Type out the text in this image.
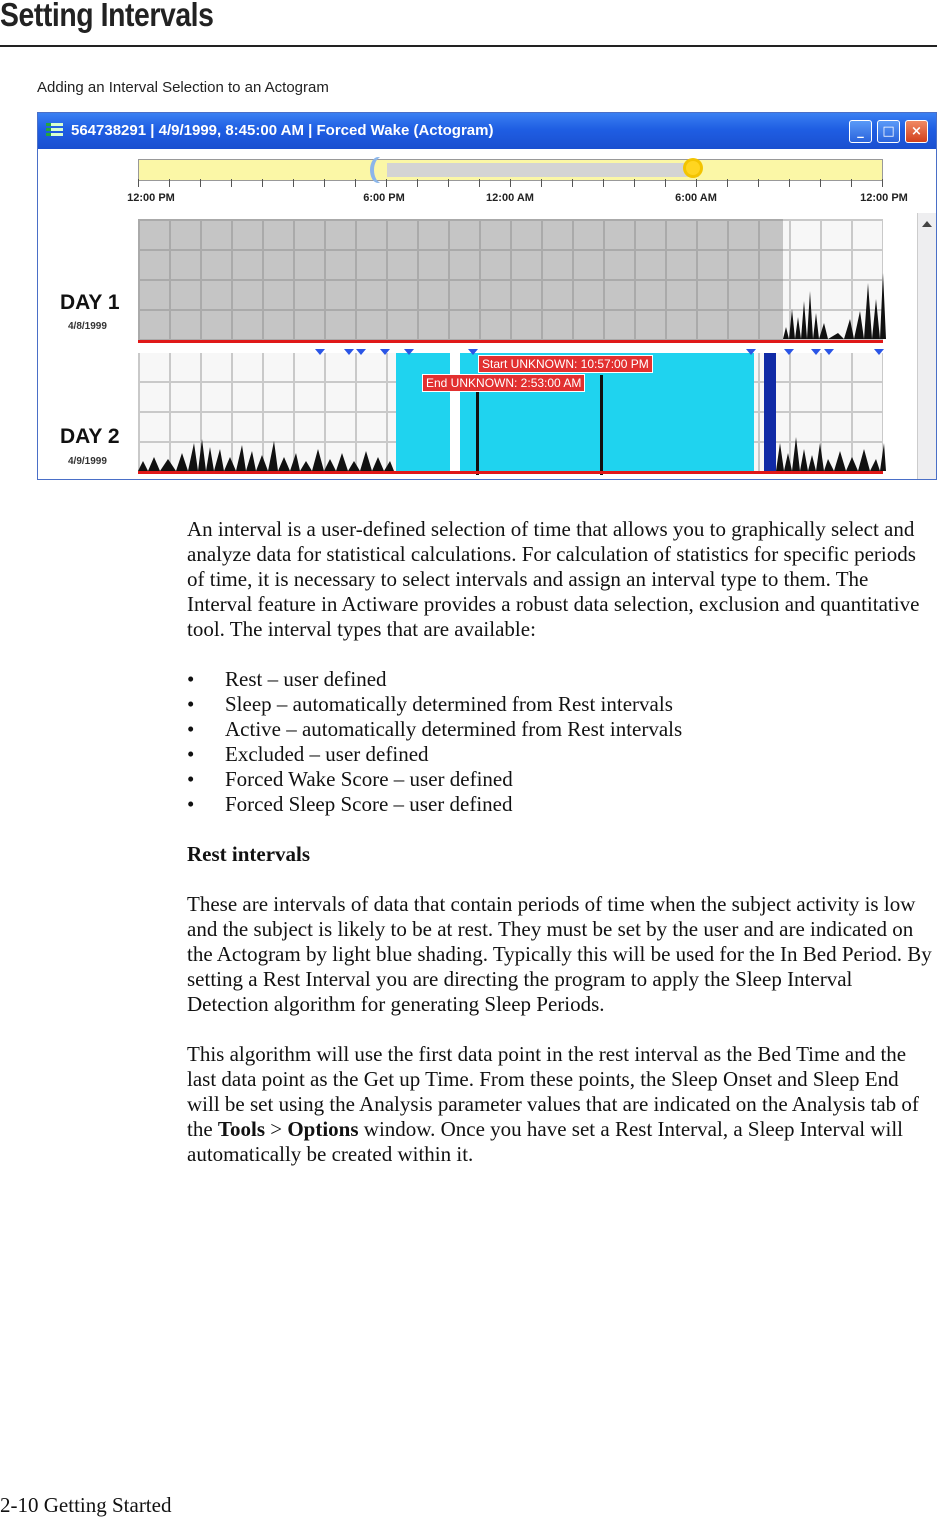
Setting Intervals
Adding an Interval Selection to an Actogram
564738291 | 4/9/1999, 8:45:00 AM | Forced Wake (Actogram)	_	□	×
12:00 PM	6:00 PM	12:00 AM	6:00 AM	12:00 PM
DAY 1
4/8/1999
DAY 2
4/9/1999
Start UNKNOWN: 10:57:00 PM
End UNKNOWN: 2:53:00 AM

An interval is a user-defined selection of time that allows you to graphically select and analyze data for statistical calculations. For calculation of statistics for specific periods of time, it is necessary to select intervals and assign an interval type to them. The Interval feature in Actiware provides a robust data selection, exclusion and quantitative tool. The interval types that are available:

• Rest – user defined
• Sleep – automatically determined from Rest intervals
• Active – automatically determined from Rest intervals
• Excluded – user defined
• Forced Wake Score – user defined
• Forced Sleep Score – user defined
Rest intervals

These are intervals of data that contain periods of time when the subject activity is low and the subject is likely to be at rest. They must be set by the user and are indicated on the Actogram by light blue shading. Typically this will be used for the In Bed Period. By setting a Rest Interval you are directing the program to apply the Sleep Interval Detection algorithm for generating Sleep Periods.

This algorithm will use the first data point in the rest interval as the Bed Time and the last data point as the Get up Time. From these points, the Sleep Onset and Sleep End will be set using the Analysis parameter values that are indicated on the Analysis tab of the Tools > Options window. Once you have set a Rest Interval, a Sleep Interval will automatically be created within it.

2-10 Getting Started
